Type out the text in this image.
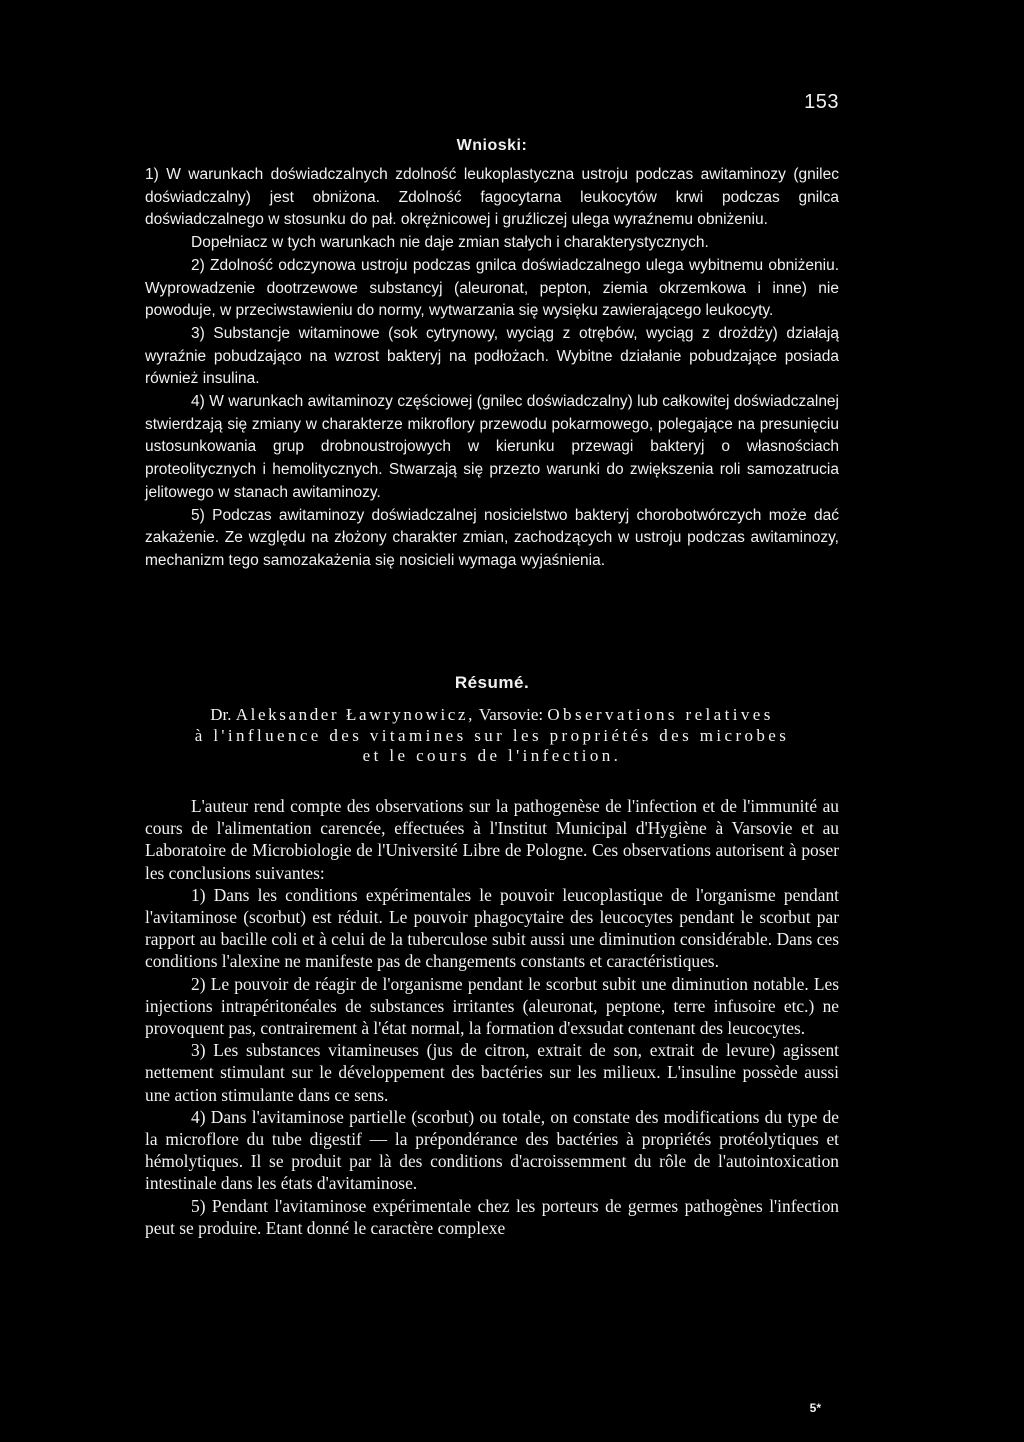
153
Wnioski:

1) W warunkach doświadczalnych zdolność leukoplastyczna ustroju podczas awitaminozy (gnilec doświadczalny) jest obniżona. Zdolność fagocytarna leukocytów krwi podczas gnilca doświadczalnego w stosunku do pał. okrężnicowej i gruźliczej ulega wyraźnemu obniżeniu.

Dopełniacz w tych warunkach nie daje zmian stałych i charakterystycznych.

2) Zdolność odczynowa ustroju podczas gnilca doświadczalnego ulega wybitnemu obniżeniu. Wyprowadzenie dootrzewowe substancyj (aleuronat, pepton, ziemia okrzemkowa i inne) nie powoduje, w przeciwstawieniu do normy, wytwarzania się wysięku zawierającego leukocyty.

3) Substancje witaminowe (sok cytrynowy, wyciąg z otrębów, wyciąg z drożdży) działają wyraźnie pobudzająco na wzrost bakteryj na podłożach. Wybitne działanie pobudzające posiada również insulina.

4) W warunkach awitaminozy częściowej (gnilec doświadczalny) lub całkowitej doświadczalnej stwierdzają się zmiany w charakterze mikroflory przewodu pokarmowego, polegające na presunięciu ustosunkowania grup drobnoustrojowych w kierunku przewagi bakteryj o własnościach proteolitycznych i hemolitycznych. Stwarzają się przezto warunki do zwiększenia roli samozatrucia jelitowego w stanach awitaminozy.

5) Podczas awitaminozy doświadczalnej nosicielstwo bakteryj chorobotwórczych może dać zakażenie. Ze względu na złożony charakter zmian, zachodzących w ustroju podczas awitaminozy, mechanizm tego samozakażenia się nosicieli wymaga wyjaśnienia.

Résumé.
Dr. Aleksander Ławrynowicz, Varsovie: Observations relatives
à l'influence des vitamines sur les propriétés des microbes
et le cours de l'infection.

L'auteur rend compte des observations sur la pathogenèse de l'infection et de l'immunité au cours de l'alimentation carencée, effectuées à l'Institut Municipal d'Hygiène à Varsovie et au Laboratoire de Microbiologie de l'Université Libre de Pologne. Ces observations autorisent à poser les conclusions suivantes:

1) Dans les conditions expérimentales le pouvoir leucoplastique de l'organisme pendant l'avitaminose (scorbut) est réduit. Le pouvoir phagocytaire des leucocytes pendant le scorbut par rapport au bacille coli et à celui de la tuberculose subit aussi une diminution considérable. Dans ces conditions l'alexine ne manifeste pas de changements constants et caractéristiques.

2) Le pouvoir de réagir de l'organisme pendant le scorbut subit une diminution notable. Les injections intrapéritonéales de substances irritantes (aleuronat, peptone, terre infusoire etc.) ne provoquent pas, contrairement à l'état normal, la formation d'exsudat contenant des leucocytes.

3) Les substances vitamineuses (jus de citron, extrait de son, extrait de levure) agissent nettement stimulant sur le développement des bactéries sur les milieux. L'insuline possède aussi une action stimulante dans ce sens.

4) Dans l'avitaminose partielle (scorbut) ou totale, on constate des modifications du type de la microflore du tube digestif — la prépondérance des bactéries à propriétés protéolytiques et hémolytiques. Il se produit par là des conditions d'acroissemment du rôle de l'autointoxication intestinale dans les états d'avitaminose.

5) Pendant l'avitaminose expérimentale chez les porteurs de germes pathogènes l'infection peut se produire. Etant donné le caractère complexe

5*
